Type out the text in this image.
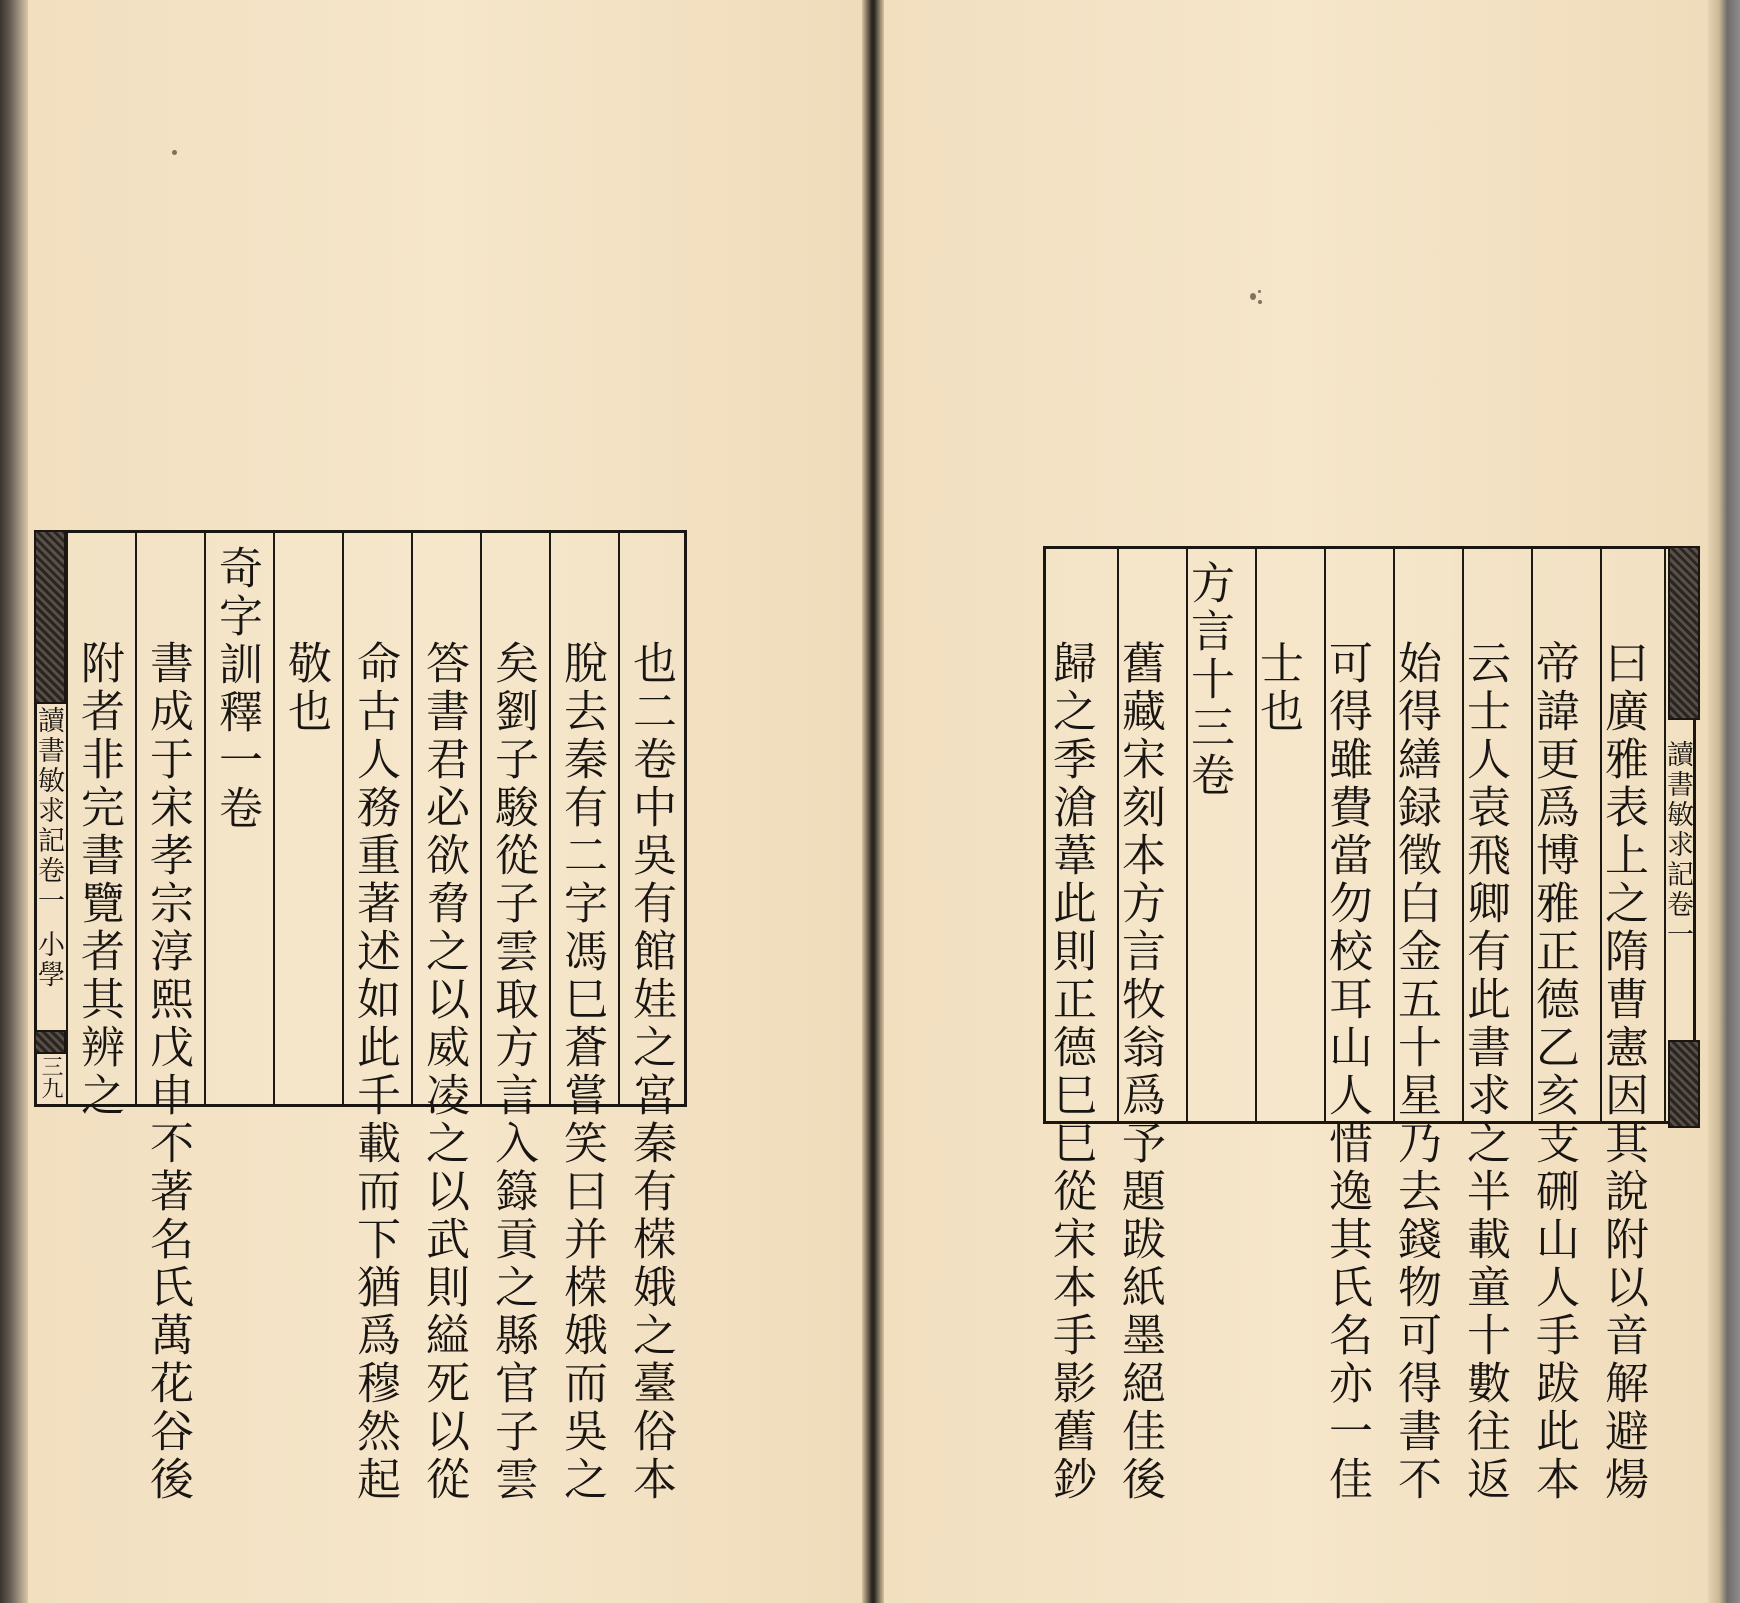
讀書敏求記卷一
小學
三九	也二卷中吳有館娃之宮秦有㮠娥之臺俗本
脫去秦有二字馮巳蒼嘗笑曰并㮠娥而吳之
矣劉子駿從子雲取方言入籙貢之縣官子雲
答書君必欲脅之以威凌之以武則縊死以從
命古人務重著述如此千載而下猶爲穆然起
敬也
奇字訓釋一卷
書成于宋孝宗淳熙戊申不著名氏萬花谷後
附者非完書覽者其辨之	讀書敏求記卷一
曰廣雅表上之隋曹憲因其說附以音解避煬
帝諱更爲博雅正德乙亥支硎山人手跋此本
云士人袁飛卿有此書求之半載童十數往返
始得繕録徵白金五十星乃去錢物可得書不
可得雖費當勿校耳山人惜逸其氏名亦一佳
士也
方言十三卷
舊藏宋刻本方言牧翁爲予題跋紙墨絕佳後
歸之季滄葦此則正德巳巳從宋本手影舊鈔
